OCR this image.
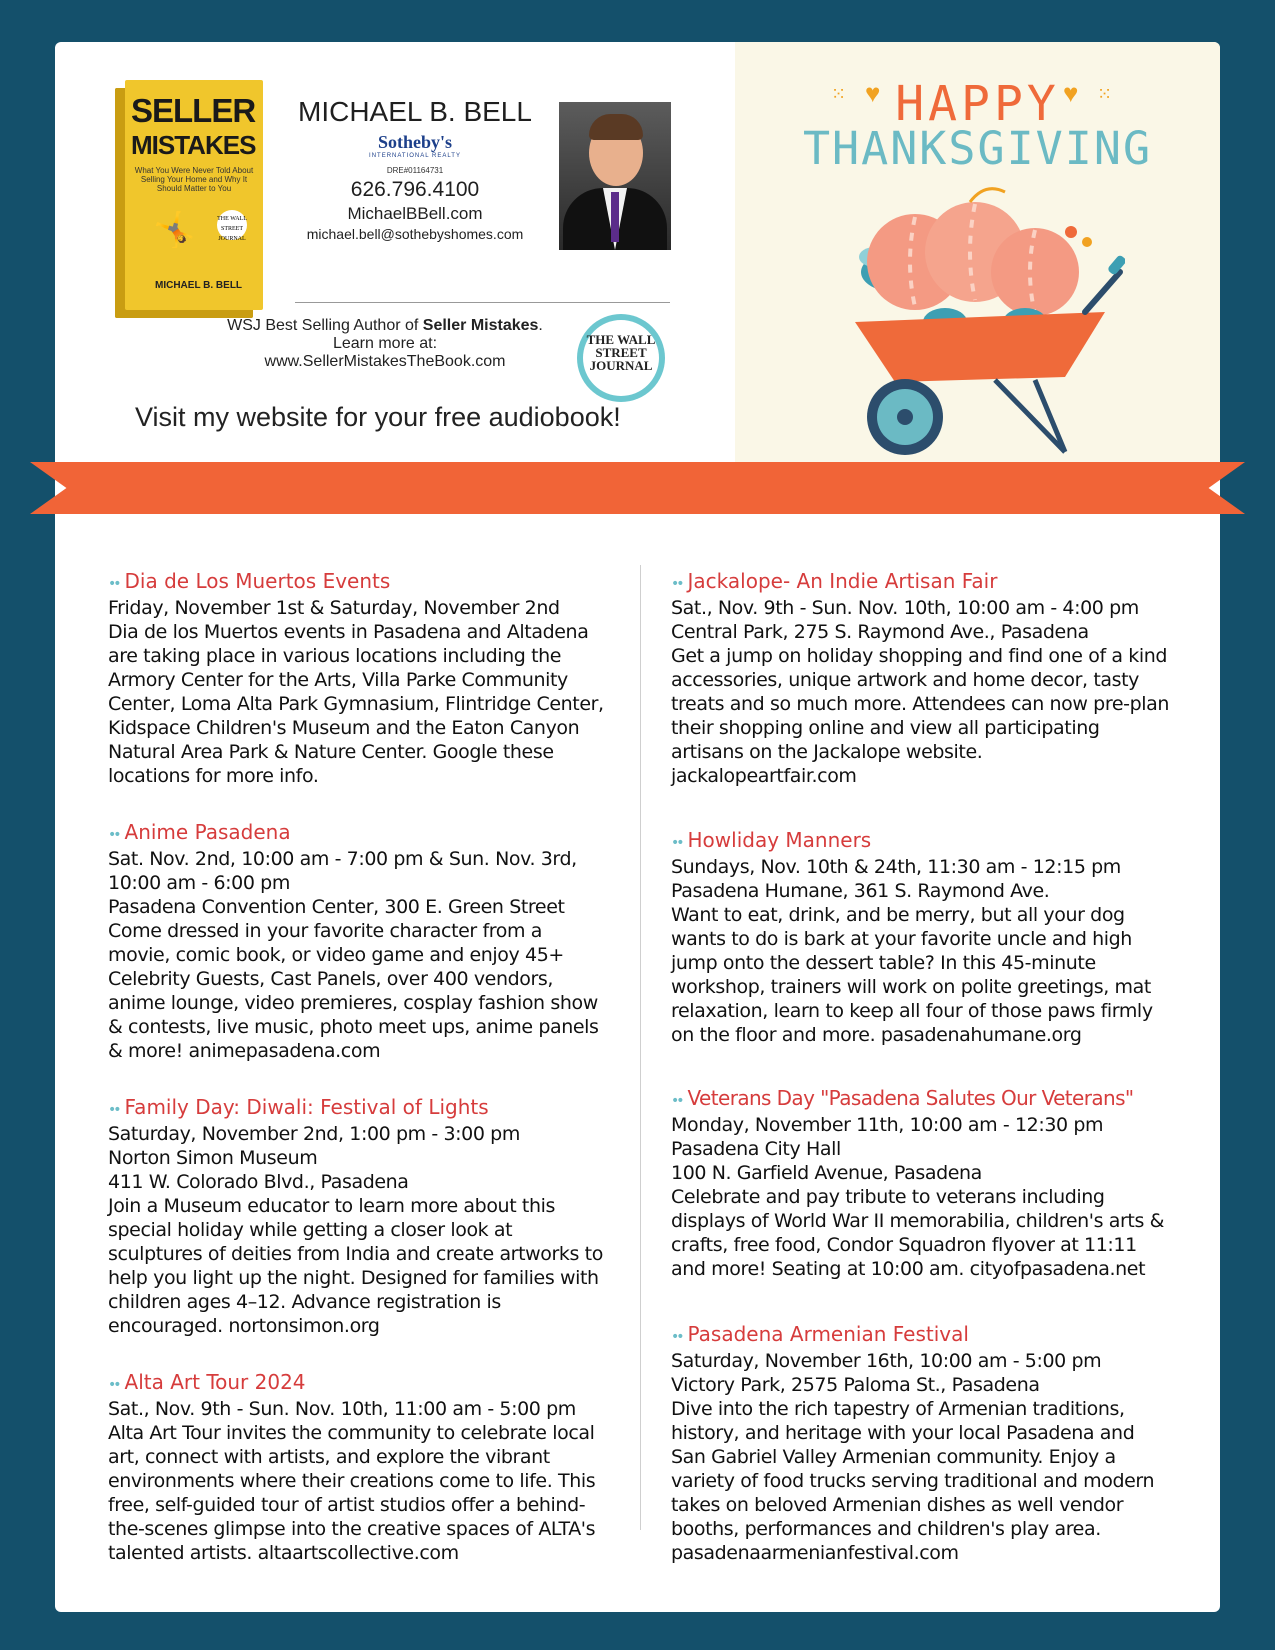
SELLER
MISTAKES
What You Were Never Told About Selling Your Home and Why It Should Matter to You
🤸	THE WALL STREET JOURNAL
MICHAEL B. BELL
MICHAEL B. BELL
Sotheby's
INTERNATIONAL REALTY
DRE#01164731
626.796.4100
MichaelBBell.com
michael.bell@sothebyshomes.com
WSJ Best Selling Author of Seller Mistakes.
Learn more at:
www.SellerMistakesTheBook.com
THE WALL STREET JOURNAL
BEST SELLER
Visit my website for your free audiobook!
⁙ ♥	♥ ⁙
HAPPY
THANKSGIVING
•• Dia de Los Muertos Events

Friday, November 1st & Saturday, November 2nd

Dia de los Muertos events in Pasadena and Altadena are taking place in various locations including the Armory Center for the Arts, Villa Parke Community Center, Loma Alta Park Gymnasium, Flintridge Center, Kidspace Children's Museum and the Eaton Canyon Natural Area Park & Nature Center. Google these locations for more info.

•• Anime Pasadena

Sat. Nov. 2nd, 10:00 am - 7:00 pm & Sun. Nov. 3rd, 10:00 am - 6:00 pm

Pasadena Convention Center, 300 E. Green Street

Come dressed in your favorite character from a movie, comic book, or video game and enjoy 45+ Celebrity Guests, Cast Panels, over 400 vendors, anime lounge, video premieres, cosplay fashion show & contests, live music, photo meet ups, anime panels & more! animepasadena.com

•• Family Day: Diwali: Festival of Lights

Saturday, November 2nd, 1:00 pm - 3:00 pm

Norton Simon Museum

411 W. Colorado Blvd., Pasadena

Join a Museum educator to learn more about this special holiday while getting a closer look at sculptures of deities from India and create artworks to help you light up the night. Designed for families with children ages 4–12. Advance registration is encouraged. nortonsimon.org

•• Alta Art Tour 2024

Sat., Nov. 9th - Sun. Nov. 10th, 11:00 am - 5:00 pm

Alta Art Tour invites the community to celebrate local art, connect with artists, and explore the vibrant environments where their creations come to life. This free, self-guided tour of artist studios offer a behind-the-scenes glimpse into the creative spaces of ALTA's talented artists. altaartscollective.com

•• Jackalope- An Indie Artisan Fair

Sat., Nov. 9th - Sun. Nov. 10th, 10:00 am - 4:00 pm

Central Park, 275 S. Raymond Ave., Pasadena

Get a jump on holiday shopping and find one of a kind accessories, unique artwork and home decor, tasty treats and so much more. Attendees can now pre-plan their shopping online and view all participating artisans on the Jackalope website. jackalopeartfair.com

•• Howliday Manners

Sundays, Nov. 10th & 24th, 11:30 am - 12:15 pm

Pasadena Humane, 361 S. Raymond Ave.

Want to eat, drink, and be merry, but all your dog wants to do is bark at your favorite uncle and high jump onto the dessert table? In this 45-minute workshop, trainers will work on polite greetings, mat relaxation, learn to keep all four of those paws firmly on the floor and more. pasadenahumane.org

•• Veterans Day "Pasadena Salutes Our Veterans"

Monday, November 11th, 10:00 am - 12:30 pm

Pasadena City Hall

100 N. Garfield Avenue, Pasadena

Celebrate and pay tribute to veterans including displays of World War II memorabilia, children's arts & crafts, free food, Condor Squadron flyover at 11:11 and more! Seating at 10:00 am. cityofpasadena.net

•• Pasadena Armenian Festival

Saturday, November 16th, 10:00 am - 5:00 pm

Victory Park, 2575 Paloma St., Pasadena

Dive into the rich tapestry of Armenian traditions, history, and heritage with your local Pasadena and San Gabriel Valley Armenian community. Enjoy a variety of food trucks serving traditional and modern takes on beloved Armenian dishes as well vendor booths, performances and children's play area. pasadenaarmenianfestival.com
